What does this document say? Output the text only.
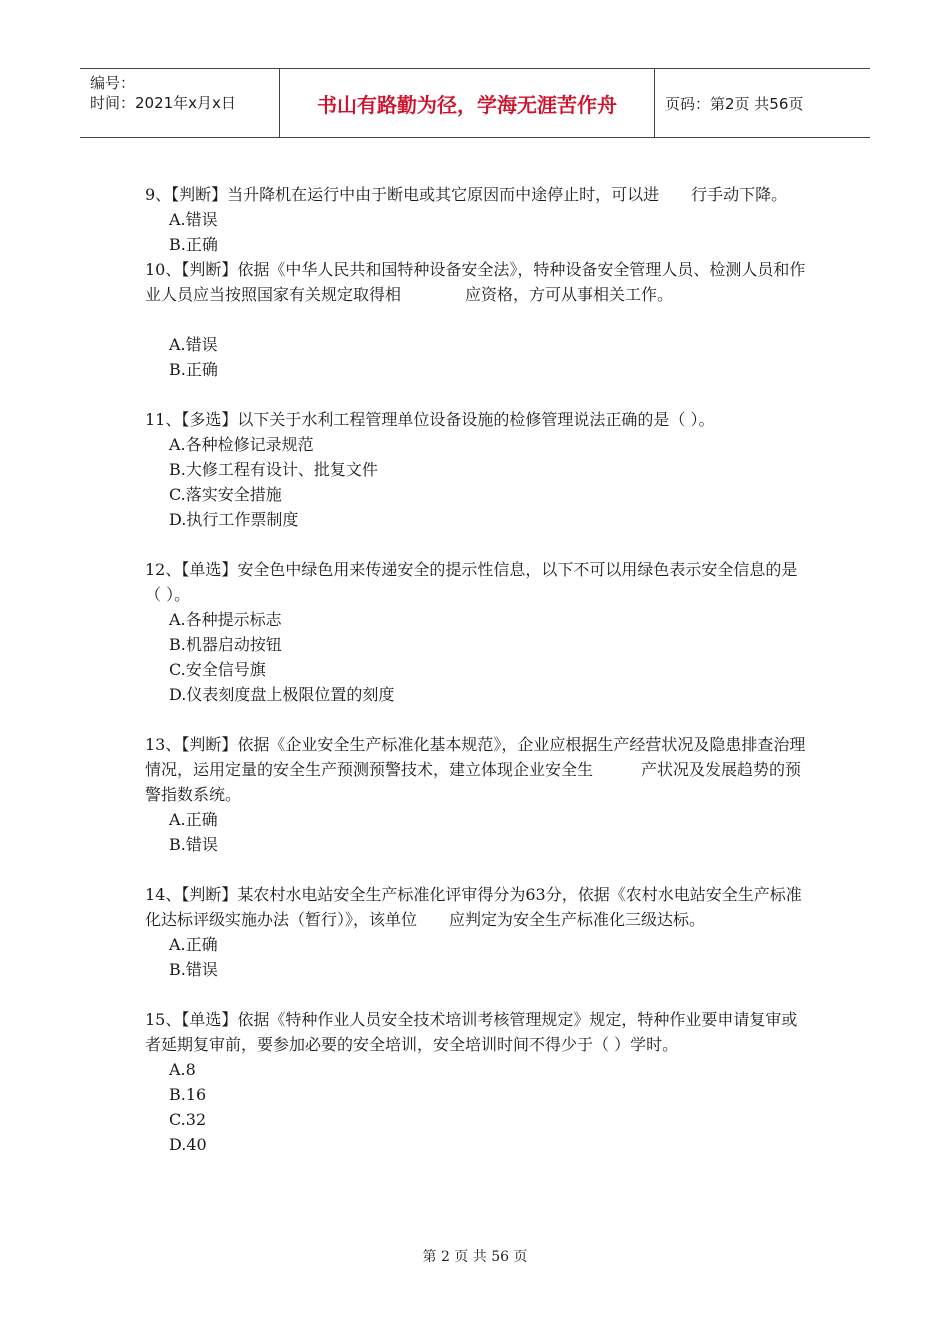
编号：
时间：2021年x月x日	书山有路勤为径，学海无涯苦作舟	页码：第2页 共56页

9、【判断】当升降机在运行中由于断电或其它原因而中途停止时，可以进　　行手动下降。

A.错误

B.正确

10、【判断】依据《中华人民共和国特种设备安全法》，特种设备安全管理人员、检测人员和作业人员应当按照国家有关规定取得相　　　　应资格，方可从事相关工作。

A.错误

B.正确

11、【多选】以下关于水利工程管理单位设备设施的检修管理说法正确的是（ ）。

A.各种检修记录规范

B.大修工程有设计、批复文件

C.落实安全措施

D.执行工作票制度

12、【单选】安全色中绿色用来传递安全的提示性信息，以下不可以用绿色表示安全信息的是（ ）。

A.各种提示标志

B.机器启动按钮

C.安全信号旗

D.仪表刻度盘上极限位置的刻度

13、【判断】依据《企业安全生产标准化基本规范》，企业应根据生产经营状况及隐患排查治理情况，运用定量的安全生产预测预警技术，建立体现企业安全生　　　产状况及发展趋势的预警指数系统。

A.正确

B.错误

14、【判断】某农村水电站安全生产标准化评审得分为63分，依据《农村水电站安全生产标准化达标评级实施办法（暂行）》，该单位　　应判定为安全生产标准化三级达标。

A.正确

B.错误

15、【单选】依据《特种作业人员安全技术培训考核管理规定》规定，特种作业要申请复审或者延期复审前，要参加必要的安全培训，安全培训时间不得少于（ ）学时。

A.8

B.16

C.32

D.40

第 2 页 共 56 页
